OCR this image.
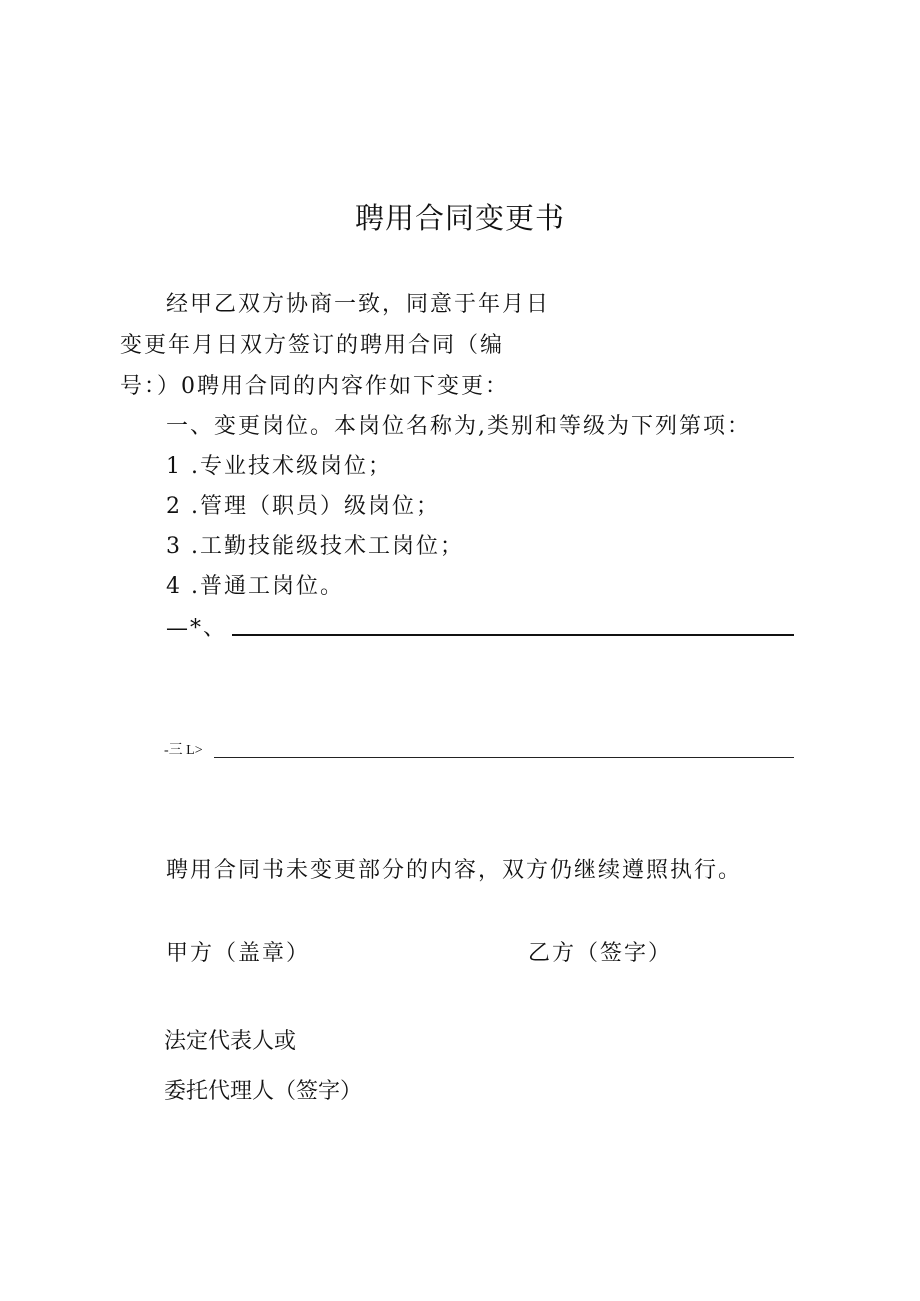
聘用合同变更书
经甲乙双方协商一致，同意于年月日
变更年月日双方签订的聘用合同（编
号：）0聘用合同的内容作如下变更：
一、变更岗位。本岗位名称为,类别和等级为下列第项：
1 .专业技术级岗位；
2 .管理（职员）级岗位；
3 .工勤技能级技术工岗位；
4 .普通工岗位。
—*、
-三 L>
聘用合同书未变更部分的内容，双方仍继续遵照执行。
甲方（盖章）	乙方（签字）
法定代表人或
委托代理人（签字）
